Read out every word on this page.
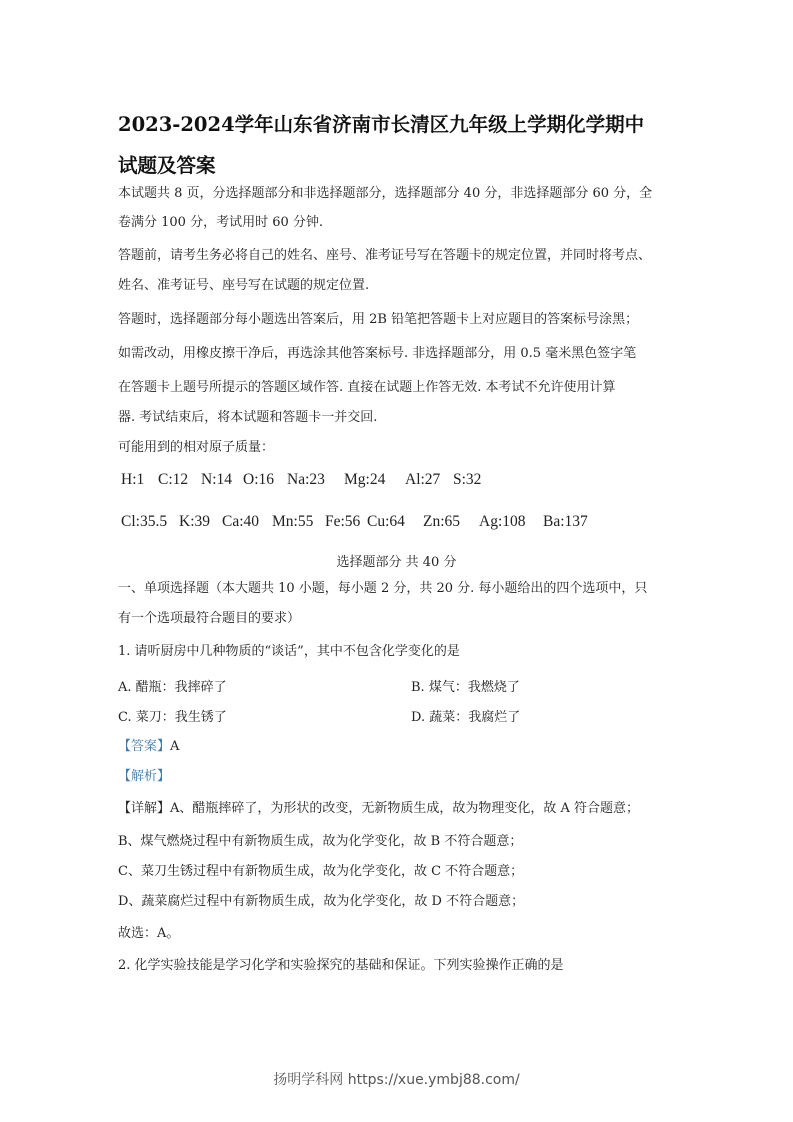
2023-2024学年山东省济南市长清区九年级上学期化学期中
试题及答案
本试题共 8 页，分选择题部分和非选择题部分，选择题部分 40 分，非选择题部分 60 分，全
卷满分 100 分，考试用时 60 分钟.
答题前，请考生务必将自己的姓名、座号、准考证号写在答题卡的规定位置，并同时将考点、
姓名、准考证号、座号写在试题的规定位置.
答题时，选择题部分每小题选出答案后，用 2B 铅笔把答题卡上对应题目的答案标号涂黑；
如需改动，用橡皮擦干净后，再选涂其他答案标号. 非选择题部分，用 0.5 毫米黑色签字笔
在答题卡上题号所提示的答题区域作答. 直接在试题上作答无效. 本考试不允许使用计算
器. 考试结束后，将本试题和答题卡一并交回.
可能用到的相对原子质量：
H:1 C:12 N:14 O:16 Na:23 Mg:24 Al:27 S:32
Cl:35.5 K:39 Ca:40 Mn:55 Fe:56 Cu:64 Zn:65 Ag:108 Ba:137
选择题部分 共 40 分
一、单项选择题（本大题共 10 小题，每小题 2 分，共 20 分. 每小题给出的四个选项中，只
有一个选项最符合题目的要求）
1. 请听厨房中几种物质的“谈话”，其中不包含化学变化的是
A. 醋瓶：我摔碎了	B. 煤气：我燃烧了
C. 菜刀：我生锈了	D. 蔬菜：我腐烂了
【答案】A
【解析】
【详解】A、醋瓶摔碎了，为形状的改变，无新物质生成，故为物理变化，故 A 符合题意；
B、煤气燃烧过程中有新物质生成，故为化学变化，故 B 不符合题意；
C、菜刀生锈过程中有新物质生成，故为化学变化，故 C 不符合题意；
D、蔬菜腐烂过程中有新物质生成，故为化学变化，故 D 不符合题意；
故选：A。
2. 化学实验技能是学习化学和实验探究的基础和保证。下列实验操作正确的是
扬明学科网 https://xue.ymbj88.com/
